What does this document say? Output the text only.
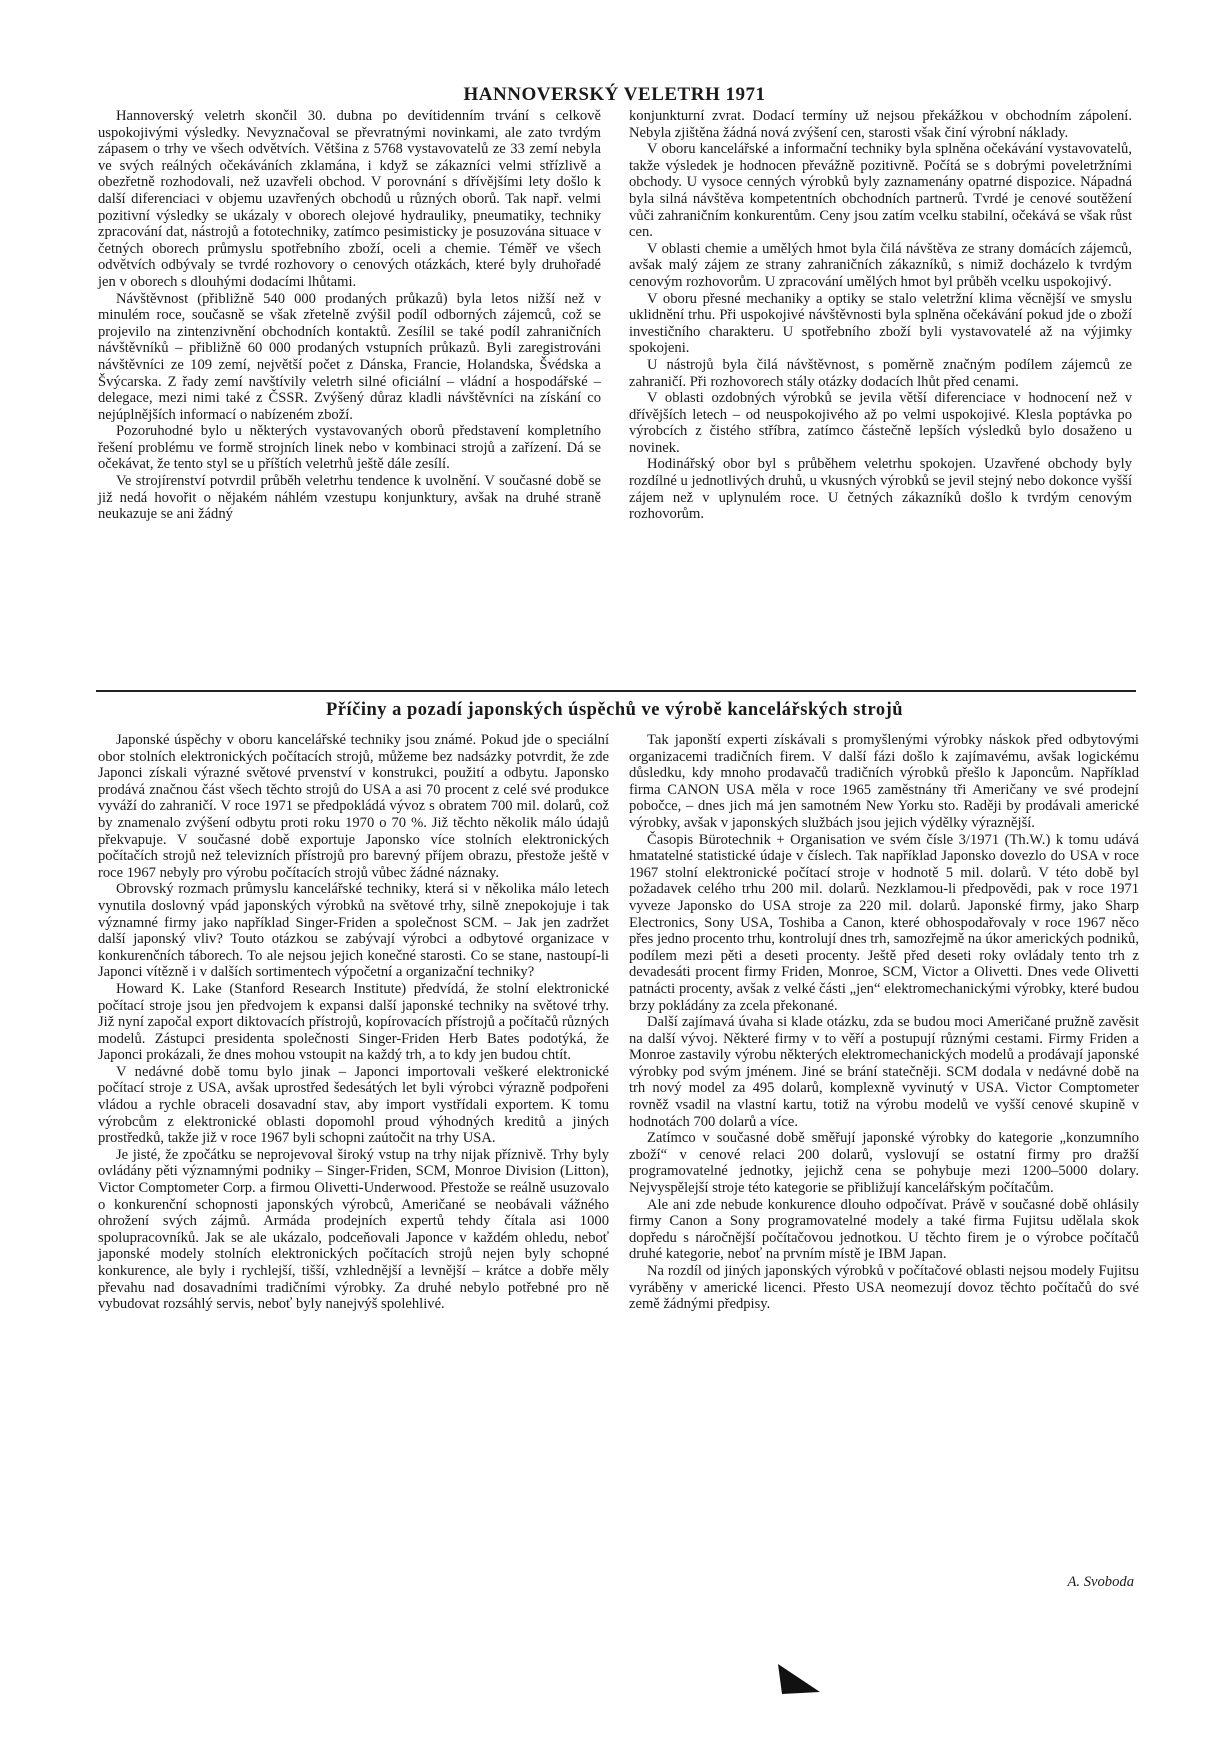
HANNOVERSKÝ VELETRH 1971

Hannoverský veletrh skončil 30. dubna po devítidenním trvání s celkově uspokojivými výsledky. Nevyznačoval se převratnými novinkami, ale zato tvrdým zápasem o trhy ve všech odvětvích. Většina z 5768 vystavovatelů ze 33 zemí nebyla ve svých reálných očekáváních zklamána, i když se zákazníci velmi střízlivě a obezřetně rozhodovali, než uzavřeli obchod. V porovnání s dřívějšími lety došlo k další diferenciaci v objemu uzavřených obchodů u různých oborů. Tak např. velmi pozitivní výsledky se ukázaly v oborech olejové hydrauliky, pneumatiky, techniky zpracování dat, nástrojů a fototechniky, zatímco pesimisticky je posuzována situace v četných oborech průmyslu spotřebního zboží, oceli a chemie. Téměř ve všech odvětvích odbývaly se tvrdé rozhovory o cenových otázkách, které byly druhořadé jen v oborech s dlouhými dodacími lhůtami.

Návštěvnost (přibližně 540 000 prodaných průkazů) byla letos nižší než v minulém roce, současně se však zřetelně zvýšil podíl odborných zájemců, což se projevilo na zintenzivnění obchodních kontaktů. Zesílil se také podíl zahraničních návštěvníků – přibližně 60 000 prodaných vstupních průkazů. Byli zaregistrováni návštěvníci ze 109 zemí, největší počet z Dánska, Francie, Holandska, Švédska a Švýcarska. Z řady zemí navštívily veletrh silné oficiální – vládní a hospodářské – delegace, mezi nimi také z ČSSR. Zvýšený důraz kladli návštěvníci na získání co nejúplnějších informací o nabízeném zboží.

Pozoruhodné bylo u některých vystavovaných oborů představení kompletního řešení problému ve formě strojních linek nebo v kombinaci strojů a zařízení. Dá se očekávat, že tento styl se u příštích veletrhů ještě dále zesílí.

Ve strojírenství potvrdil průběh veletrhu tendence k uvolnění. V současné době se již nedá hovořit o nějakém náhlém vzestupu konjunktury, avšak na druhé straně neukazuje se ani žádný

konjunkturní zvrat. Dodací termíny už nejsou překážkou v obchodním zápolení. Nebyla zjištěna žádná nová zvýšení cen, starosti však činí výrobní náklady.

V oboru kancelářské a informační techniky byla splněna očekávání vystavovatelů, takže výsledek je hodnocen převážně pozitivně. Počítá se s dobrými poveletržními obchody. U vysoce cenných výrobků byly zaznamenány opatrné dispozice. Nápadná byla silná návštěva kompetentních obchodních partnerů. Tvrdé je cenové soutěžení vůči zahraničním konkurentům. Ceny jsou zatím vcelku stabilní, očekává se však růst cen.

V oblasti chemie a umělých hmot byla čilá návštěva ze strany domácích zájemců, avšak malý zájem ze strany zahraničních zákazníků, s nimiž docházelo k tvrdým cenovým rozhovorům. U zpracování umělých hmot byl průběh vcelku uspokojivý.

V oboru přesné mechaniky a optiky se stalo veletržní klima věcnější ve smyslu uklidnění trhu. Při uspokojivé návštěvnosti byla splněna očekávání pokud jde o zboží investičního charakteru. U spotřebního zboží byli vystavovatelé až na výjimky spokojeni.

U nástrojů byla čilá návštěvnost, s poměrně značným podílem zájemců ze zahraničí. Při rozhovorech stály otázky dodacích lhůt před cenami.

V oblasti ozdobných výrobků se jevila větší diferenciace v hodnocení než v dřívějších letech – od neuspokojivého až po velmi uspokojivé. Klesla poptávka po výrobcích z čistého stříbra, zatímco částečně lepších výsledků bylo dosaženo u novinek.

Hodinářský obor byl s průběhem veletrhu spokojen. Uzavřené obchody byly rozdílné u jednotlivých druhů, u vkusných výrobků se jevil stejný nebo dokonce vyšší zájem než v uplynulém roce. U četných zákazníků došlo k tvrdým cenovým rozhovorům.

Příčiny a pozadí japonských úspěchů ve výrobě kancelářských strojů

Japonské úspěchy v oboru kancelářské techniky jsou známé. Pokud jde o speciální obor stolních elektronických počítacích strojů, můžeme bez nadsázky potvrdit, že zde Japonci získali výrazné světové prvenství v konstrukci, použití a odbytu. Japonsko prodává značnou část všech těchto strojů do USA a asi 70 procent z celé své produkce vyváží do zahraničí. V roce 1971 se předpokládá vývoz s obratem 700 mil. dolarů, což by znamenalo zvýšení odbytu proti roku 1970 o 70 %. Již těchto několik málo údajů překvapuje. V současné době exportuje Japonsko více stolních elektronických počítačích strojů než televizních přístrojů pro barevný příjem obrazu, přestože ještě v roce 1967 nebyly pro výrobu počítacích strojů vůbec žádné náznaky.

Obrovský rozmach průmyslu kancelářské techniky, která si v několika málo letech vynutila doslovný vpád japonských výrobků na světové trhy, silně znepokojuje i tak významné firmy jako například Singer-Friden a společnost SCM. – Jak jen zadržet další japonský vliv? Touto otázkou se zabývají výrobci a odbytové organizace v konkurenčních táborech. To ale nejsou jejich konečné starosti. Co se stane, nastoupí-li Japonci vítězně i v dalších sortimentech výpočetní a organizační techniky?

Howard K. Lake (Stanford Research Institute) předvídá, že stolní elektronické počítací stroje jsou jen předvojem k expansi další japonské techniky na světové trhy. Již nyní započal export diktovacích přístrojů, kopírovacích přístrojů a počítačů různých modelů. Zástupci presidenta společnosti Singer-Friden Herb Bates podotýká, že Japonci prokázali, že dnes mohou vstoupit na každý trh, a to kdy jen budou chtít.

V nedávné době tomu bylo jinak – Japonci importovali veškeré elektronické počítací stroje z USA, avšak uprostřed šedesátých let byli výrobci výrazně podpořeni vládou a rychle obraceli dosavadní stav, aby import vystřídali exportem. K tomu výrobcům z elektronické oblasti dopomohl proud výhodných kreditů a jiných prostředků, takže již v roce 1967 byli schopni zaútočit na trhy USA.

Je jisté, že zpočátku se neprojevoval široký vstup na trhy nijak příznivě. Trhy byly ovládány pěti významnými podniky – Singer-Friden, SCM, Monroe Division (Litton), Victor Comptometer Corp. a firmou Olivetti-Underwood. Přestože se reálně usuzovalo o konkurenční schopnosti japonských výrobců, Američané se neobávali vážného ohrožení svých zájmů. Armáda prodejních expertů tehdy čítala asi 1000 spolupracovníků. Jak se ale ukázalo, podceňovali Japonce v každém ohledu, neboť japonské modely stolních elektronických počítacích strojů nejen byly schopné konkurence, ale byly i rychlejší, tišší, vzhlednější a levnější – krátce a dobře měly převahu nad dosavadními tradičními výrobky. Za druhé nebylo potřebné pro ně vybudovat rozsáhlý servis, neboť byly nanejvýš spolehlivé.

Tak japonští experti získávali s promyšlenými výrobky náskok před odbytovými organizacemi tradičních firem. V další fázi došlo k zajímavému, avšak logickému důsledku, kdy mnoho prodavačů tradičních výrobků přešlo k Japoncům. Například firma CANON USA měla v roce 1965 zaměstnány tři Američany ve své prodejní pobočce, – dnes jich má jen samotném New Yorku sto. Raději by prodávali americké výrobky, avšak v japonských službách jsou jejich výdělky výraznější.

Časopis Bürotechnik + Organisation ve svém čísle 3/1971 (Th.W.) k tomu udává hmatatelné statistické údaje v číslech. Tak například Japonsko dovezlo do USA v roce 1967 stolní elektronické počítací stroje v hodnotě 5 mil. dolarů. V této době byl požadavek celého trhu 200 mil. dolarů. Nezklamou-li předpovědi, pak v roce 1971 vyveze Japonsko do USA stroje za 220 mil. dolarů. Japonské firmy, jako Sharp Electronics, Sony USA, Toshiba a Canon, které obhospodařovaly v roce 1967 něco přes jedno procento trhu, kontrolují dnes trh, samozřejmě na úkor amerických podniků, podílem mezi pěti a deseti procenty. Ještě před deseti roky ovládaly tento trh z devadesáti procent firmy Friden, Monroe, SCM, Victor a Olivetti. Dnes vede Olivetti patnácti procenty, avšak z velké části „jen“ elektromechanickými výrobky, které budou brzy pokládány za zcela překonané.

Další zajímavá úvaha si klade otázku, zda se budou moci Američané pružně zavěsit na další vývoj. Některé firmy v to věří a postupují různými cestami. Firmy Friden a Monroe zastavily výrobu některých elektromechanických modelů a prodávají japonské výrobky pod svým jménem. Jiné se brání statečněji. SCM dodala v nedávné době na trh nový model za 495 dolarů, komplexně vyvinutý v USA. Victor Comptometer rovněž vsadil na vlastní kartu, totiž na výrobu modelů ve vyšší cenové skupině v hodnotách 700 dolarů a více.

Zatímco v současné době směřují japonské výrobky do kategorie „konzumního zboží“ v cenové relaci 200 dolarů, vyslovují se ostatní firmy pro dražší programovatelné jednotky, jejichž cena se pohybuje mezi 1200–5000 dolary. Nejvyspělejší stroje této kategorie se přibližují kancelářským počítačům.

Ale ani zde nebude konkurence dlouho odpočívat. Právě v současné době ohlásily firmy Canon a Sony programovatelné modely a také firma Fujitsu udělala skok dopředu s náročnější počítačovou jednotkou. U těchto firem je o výrobce počítačů druhé kategorie, neboť na prvním místě je IBM Japan.

Na rozdíl od jiných japonských výrobků v počítačové oblasti nejsou modely Fujitsu vyráběny v americké licenci. Přesto USA neomezují dovoz těchto počítačů do své země žádnými předpisy.

A. Svoboda
